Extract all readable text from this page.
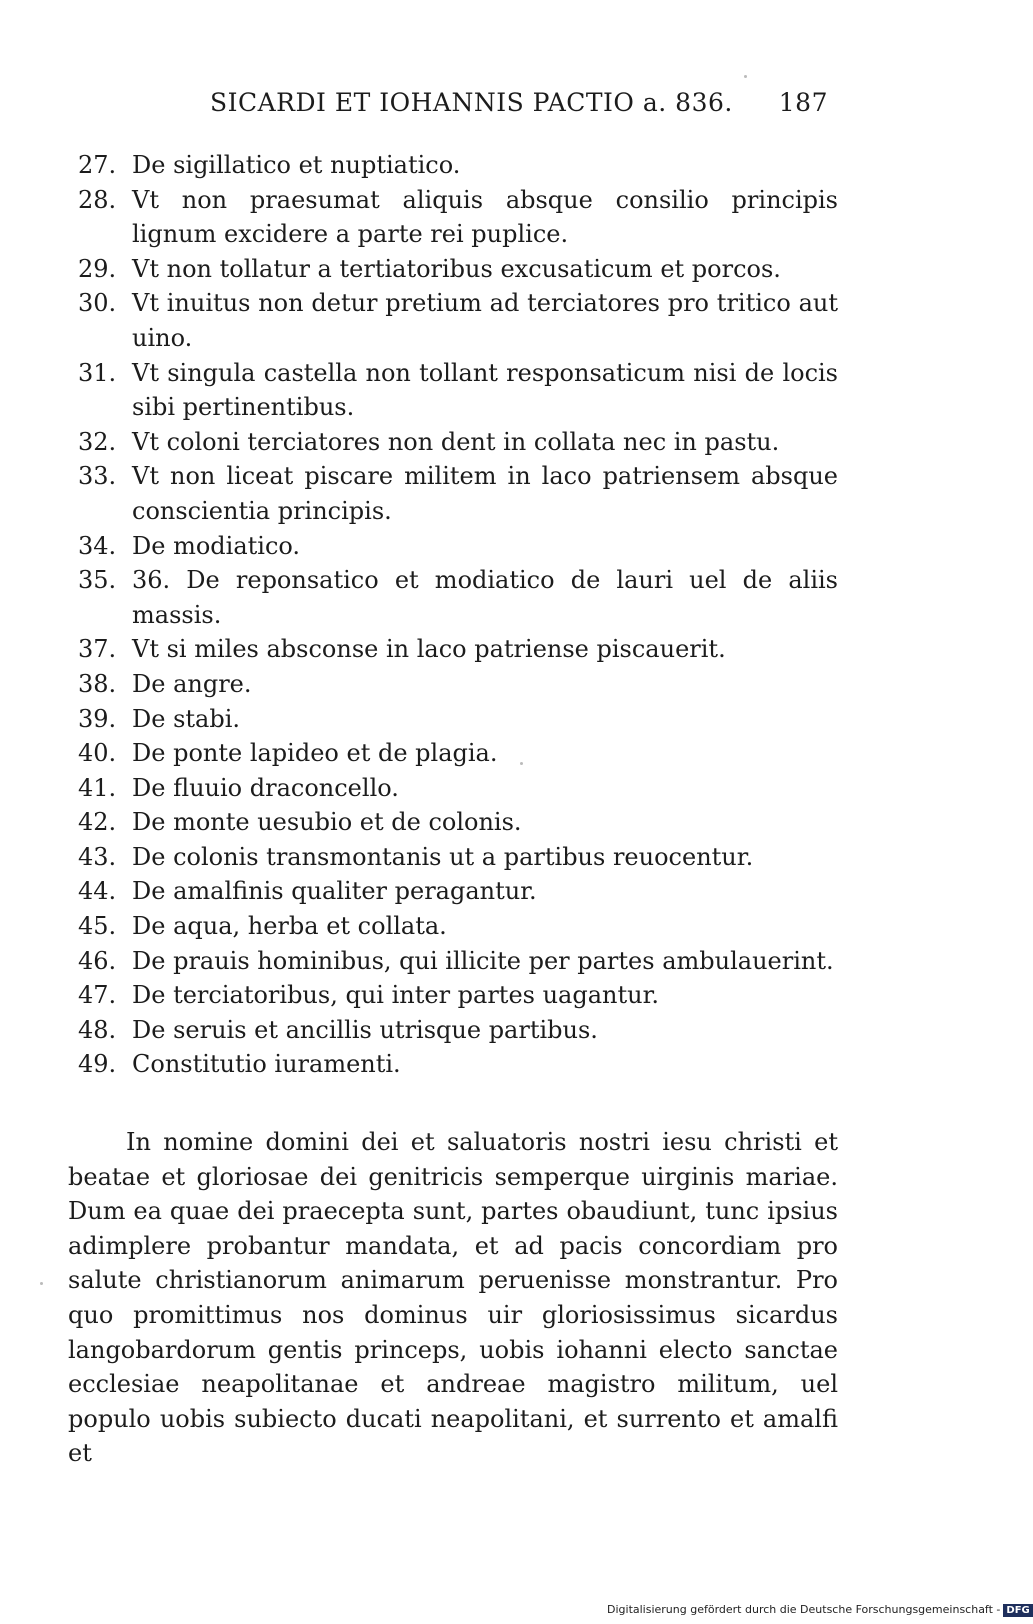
SICARDI ET IOHANNIS PACTIO a. 836. 187
27. De sigillatico et nuptiatico.
28. Vt non praesumat aliquis absque consilio principis lignum excidere a parte rei puplice.
29. Vt non tollatur a tertiatoribus excusaticum et porcos.
30. Vt inuitus non detur pretium ad terciatores pro tritico aut uino.
31. Vt singula castella non tollant responsaticum nisi de locis sibi pertinentibus.
32. Vt coloni terciatores non dent in collata nec in pastu.
33. Vt non liceat piscare militem in laco patriensem absque conscientia principis.
34. De modiatico.
35. 36. De reponsatico et modiatico de lauri uel de aliis massis.
37. Vt si miles absconse in laco patriense piscauerit.
38. De angre.
39. De stabi.
40. De ponte lapideo et de plagia.
41. De fluuio draconcello.
42. De monte uesubio et de colonis.
43. De colonis transmontanis ut a partibus reuocentur.
44. De amalfinis qualiter peragantur.
45. De aqua, herba et collata.
46. De prauis hominibus, qui illicite per partes ambulauerint.
47. De terciatoribus, qui inter partes uagantur.
48. De seruis et ancillis utrisque partibus.
49. Constitutio iuramenti.

In nomine domini dei et saluatoris nostri iesu christi et beatae et gloriosae dei genitricis semperque uirginis mariae. Dum ea quae dei praecepta sunt, partes obaudiunt, tunc ipsius adimplere probantur mandata, et ad pacis concordiam pro salute christianorum animarum peruenisse monstrantur. Pro quo promittimus nos dominus uir gloriosissimus sicardus langobardorum gentis princeps, uobis iohanni electo sanctae ecclesiae neapolitanae et andreae magistro militum, uel populo uobis subiecto ducati neapolitani, et surrento et amalfi et

Digitalisierung gefördert durch die Deutsche Forschungsgemeinschaft - DFG
